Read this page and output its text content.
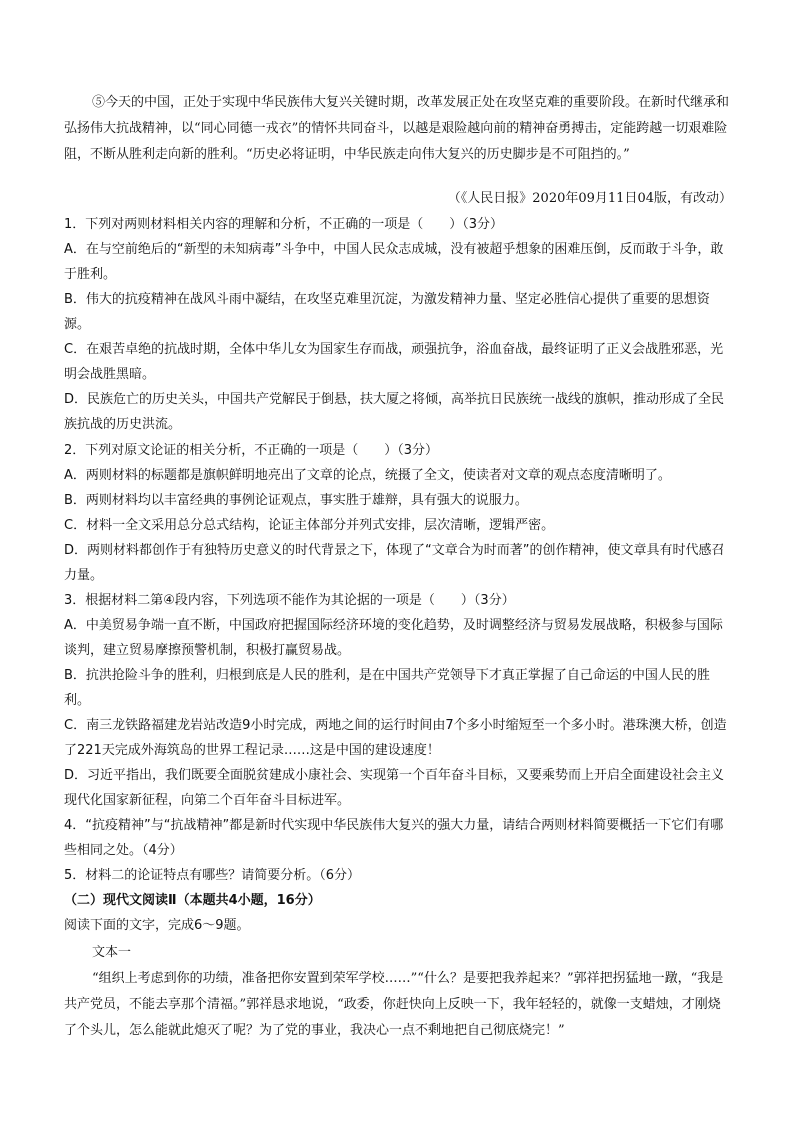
⑤今天的中国，正处于实现中华民族伟大复兴关键时期，改革发展正处在攻坚克难的重要阶段。在新时代继承和弘扬伟大抗战精神，以“同心同德一戎衣”的情怀共同奋斗，以越是艰险越向前的精神奋勇搏击，定能跨越一切艰难险阻，不断从胜利走向新的胜利。“历史必将证明，中华民族走向伟大复兴的历史脚步是不可阻挡的。”

（《人民日报》2020年09月11日04版，有改动）

1．下列对两则材料相关内容的理解和分析，不正确的一项是（　　）（3分）

A．在与空前绝后的“新型的未知病毒”斗争中，中国人民众志成城，没有被超乎想象的困难压倒，反而敢于斗争，敢于胜利。

B．伟大的抗疫精神在战风斗雨中凝结，在攻坚克难里沉淀，为激发精神力量、坚定必胜信心提供了重要的思想资源。

C．在艰苦卓绝的抗战时期，全体中华儿女为国家生存而战，顽强抗争，浴血奋战，最终证明了正义会战胜邪恶，光明会战胜黑暗。

D．民族危亡的历史关头，中国共产党解民于倒悬，扶大厦之将倾，高举抗日民族统一战线的旗帜，推动形成了全民族抗战的历史洪流。

2．下列对原文论证的相关分析，不正确的一项是（　　）（3分）

A．两则材料的标题都是旗帜鲜明地亮出了文章的论点，统摄了全文，使读者对文章的观点态度清晰明了。

B．两则材料均以丰富经典的事例论证观点，事实胜于雄辩，具有强大的说服力。

C．材料一全文采用总分总式结构，论证主体部分并列式安排，层次清晰，逻辑严密。

D．两则材料都创作于有独特历史意义的时代背景之下，体现了“文章合为时而著”的创作精神，使文章具有时代感召力量。

3．根据材料二第④段内容，下列选项不能作为其论据的一项是（　　）（3分）

A．中美贸易争端一直不断，中国政府把握国际经济环境的变化趋势，及时调整经济与贸易发展战略，积极参与国际谈判，建立贸易摩擦预警机制，积极打赢贸易战。

B．抗洪抢险斗争的胜利，归根到底是人民的胜利，是在中国共产党领导下才真正掌握了自己命运的中国人民的胜利。

C．南三龙铁路福建龙岩站改造9小时完成，两地之间的运行时间由7个多小时缩短至一个多小时。港珠澳大桥，创造了221天完成外海筑岛的世界工程记录……这是中国的建设速度！

D．习近平指出，我们既要全面脱贫建成小康社会、实现第一个百年奋斗目标，又要乘势而上开启全面建设社会主义现代化国家新征程，向第二个百年奋斗目标进军。

4．“抗疫精神”与“抗战精神”都是新时代实现中华民族伟大复兴的强大力量，请结合两则材料简要概括一下它们有哪些相同之处。（4分）

5．材料二的论证特点有哪些？请简要分析。（6分）

（二）现代文阅读Ⅱ（本题共4小题，16分）

阅读下面的文字，完成6～9题。

文本一

“组织上考虑到你的功绩，准备把你安置到荣军学校……”“什么？是要把我养起来？”郭祥把拐猛地一蹾，“我是共产党员，不能去享那个清福。”郭祥恳求地说，“政委，你赶快向上反映一下，我年轻轻的，就像一支蜡烛，才刚烧了个头儿，怎么能就此熄灭了呢？为了党的事业，我决心一点不剩地把自己彻底烧完！”
